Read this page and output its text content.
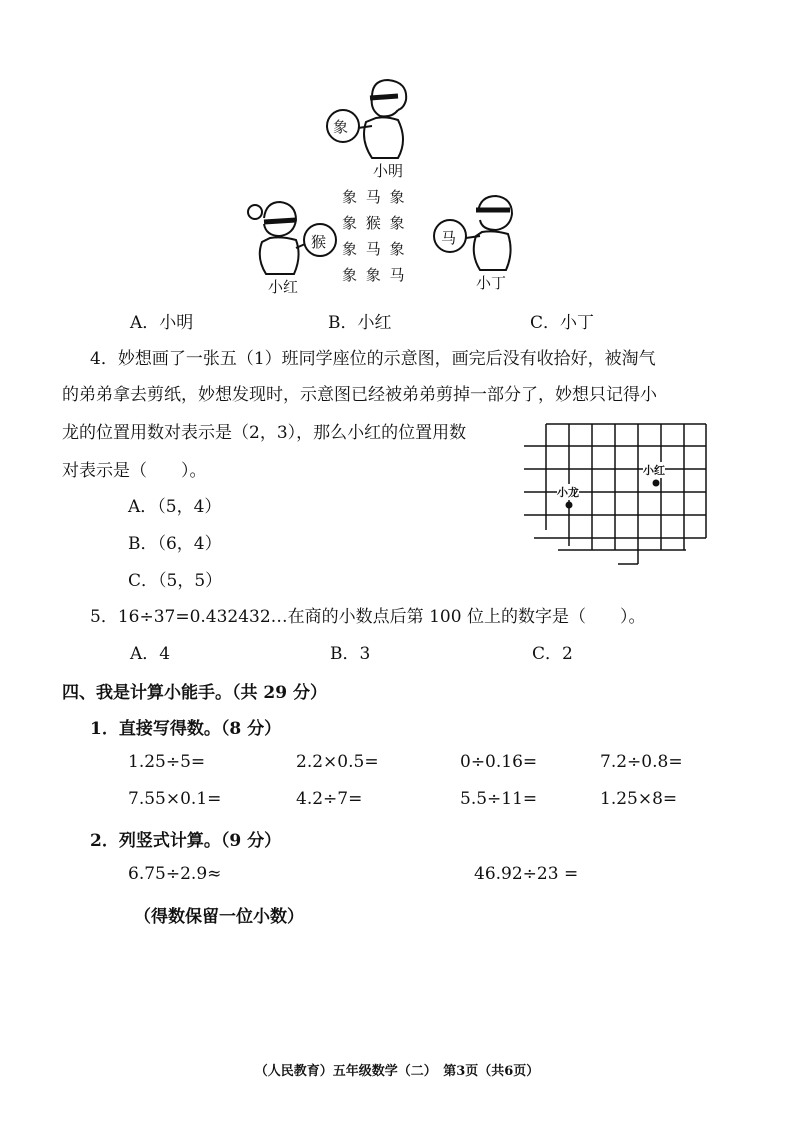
象
小明
猴
小红
马
小丁
象 马 象
象 猴 象
象 马 象
象 象 马
A．小明	B．小红	C．小丁
4．妙想画了一张五（1）班同学座位的示意图，画完后没有收拾好，被淘气
的弟弟拿去剪纸，妙想发现时，示意图已经被弟弟剪掉一部分了，妙想只记得小
龙的位置用数对表示是（2，3），那么小红的位置用数
对表示是（　　）。
A．（5，4）
B．（6，4）
C．（5，5）
小红
小龙
5．16÷37=0.432432…在商的小数点后第 100 位上的数字是（　　）。
A．4	B．3	C．2
四、我是计算小能手。（共 29 分）
1．直接写得数。（8 分）
1.25÷5=	2.2×0.5=	0÷0.16=	7.2÷0.8=
7.55×0.1=	4.2÷7=	5.5÷11=	1.25×8=
2．列竖式计算。（9 分）
6.75÷2.9≈	46.92÷23 =
（得数保留一位小数）
（人民教育）五年级数学（二）　第3页（共6页）
